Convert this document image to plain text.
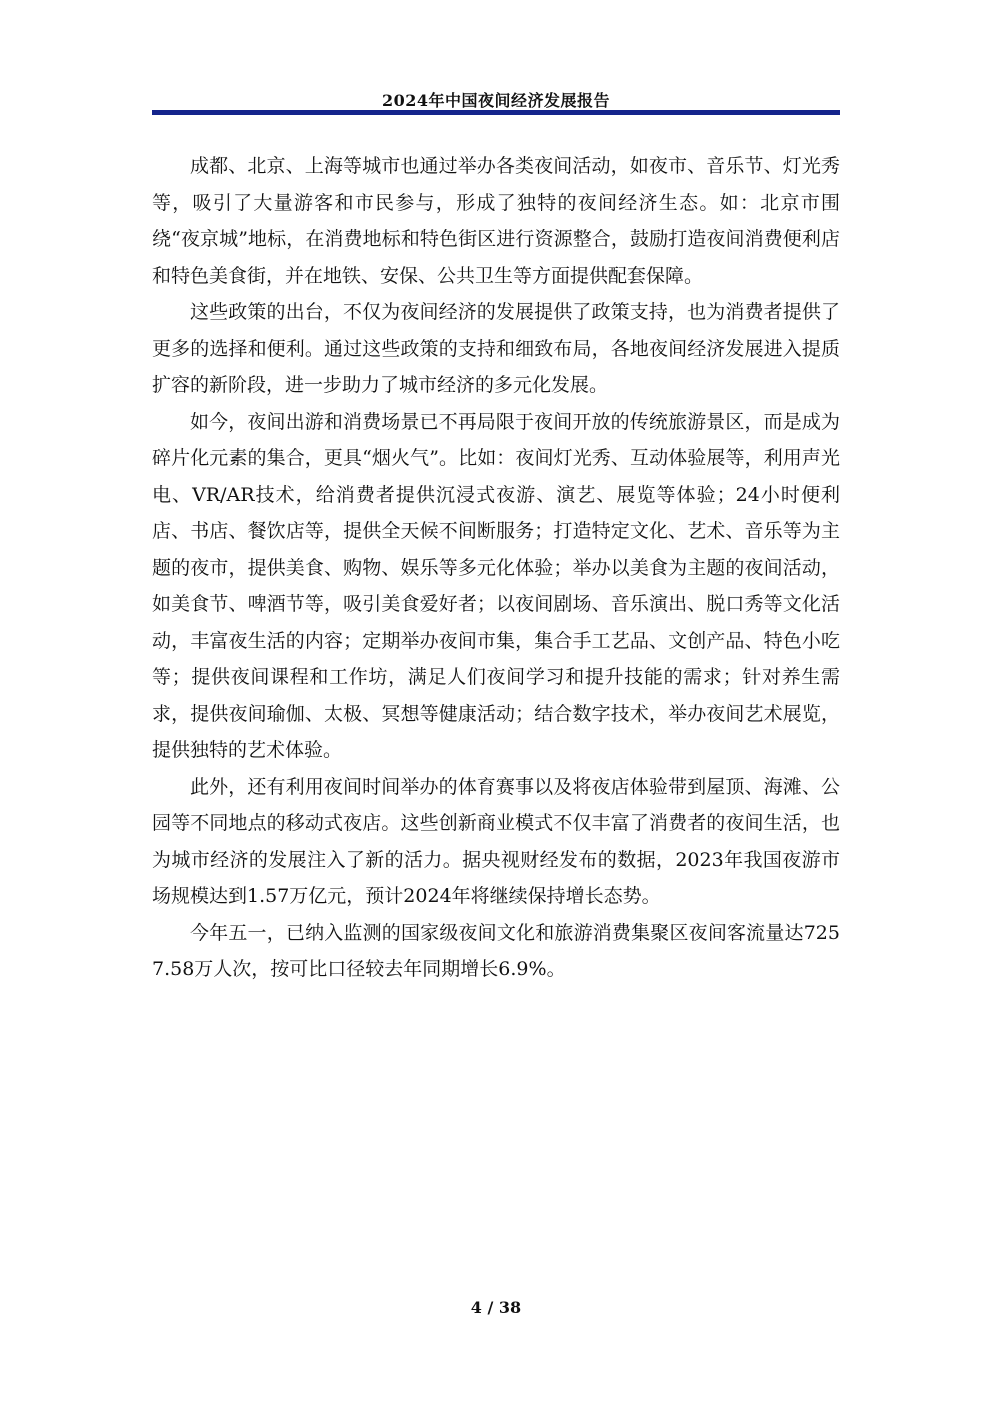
2024年中国夜间经济发展报告

成都、北京、上海等城市也通过举办各类夜间活动，如夜市、音乐节、灯光秀等，吸引了大量游客和市民参与，形成了独特的夜间经济生态。如：北京市围绕“夜京城”地标，在消费地标和特色街区进行资源整合，鼓励打造夜间消费便利店和特色美食街，并在地铁、安保、公共卫生等方面提供配套保障。

这些政策的出台，不仅为夜间经济的发展提供了政策支持，也为消费者提供了更多的选择和便利。通过这些政策的支持和细致布局，各地夜间经济发展进入提质扩容的新阶段，进一步助力了城市经济的多元化发展。

如今，夜间出游和消费场景已不再局限于夜间开放的传统旅游景区，而是成为碎片化元素的集合，更具“烟火气”。比如：夜间灯光秀、互动体验展等，利用声光电、VR/AR技术，给消费者提供沉浸式夜游、演艺、展览等体验；24小时便利店、书店、餐饮店等，提供全天候不间断服务；打造特定文化、艺术、音乐等为主题的夜市，提供美食、购物、娱乐等多元化体验；举办以美食为主题的夜间活动，如美食节、啤酒节等，吸引美食爱好者；以夜间剧场、音乐演出、脱口秀等文化活动，丰富夜生活的内容；定期举办夜间市集，集合手工艺品、文创产品、特色小吃等；提供夜间课程和工作坊，满足人们夜间学习和提升技能的需求；针对养生需求，提供夜间瑜伽、太极、冥想等健康活动；结合数字技术，举办夜间艺术展览，提供独特的艺术体验。

此外，还有利用夜间时间举办的体育赛事以及将夜店体验带到屋顶、海滩、公园等不同地点的移动式夜店。这些创新商业模式不仅丰富了消费者的夜间生活，也为城市经济的发展注入了新的活力。据央视财经发布的数据，2023年我国夜游市场规模达到1.57万亿元，预计2024年将继续保持增长态势。

今年五一，已纳入监测的国家级夜间文化和旅游消费集聚区夜间客流量达7257.58万人次，按可比口径较去年同期增长6.9%。

4 / 38
